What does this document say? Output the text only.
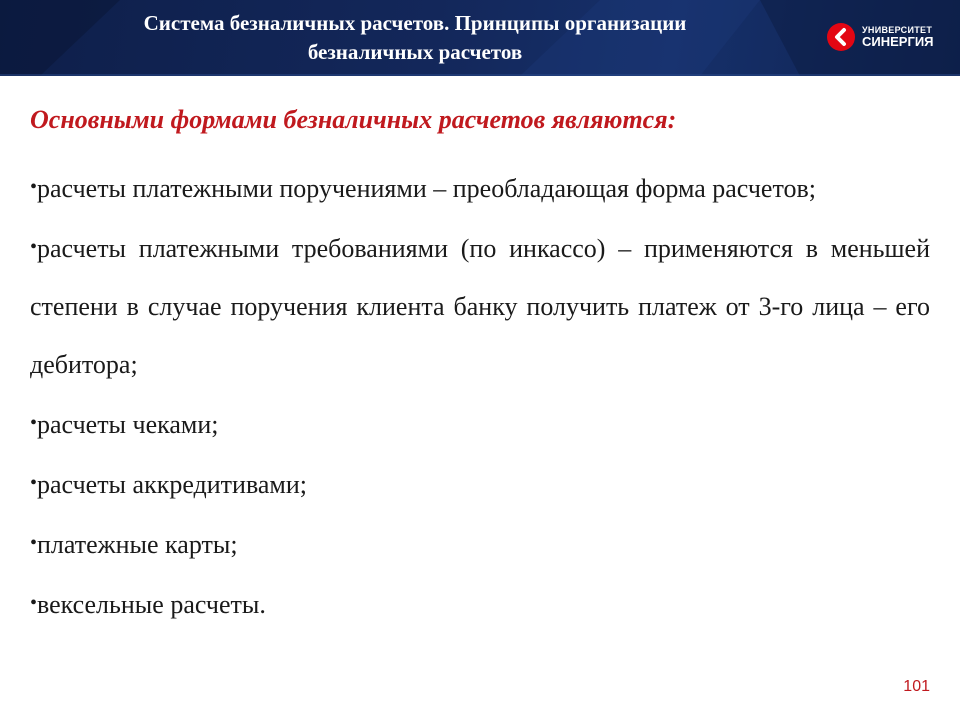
Система безналичных расчетов. Принципы организации
безналичных расчетов
УНИВЕРСИТЕТ
СИНЕРГИЯ
Основными формами безналичных расчетов являются:

•расчеты платежными поручениями – преобладающая форма расчетов;

•расчеты платежными требованиями (по инкассо) – применяются в меньшей степени в случае поручения клиента банку получить платеж от 3-го лица – его дебитора;

•расчеты чеками;

•расчеты аккредитивами;

•платежные карты;

•вексельные расчеты.

101
